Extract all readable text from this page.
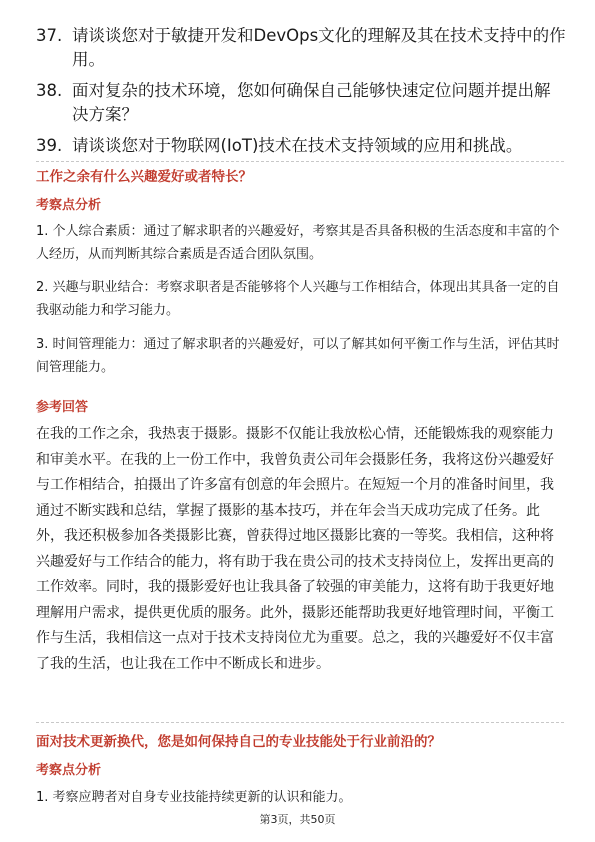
37. 请谈谈您对于敏捷开发和DevOps文化的理解及其在技术支持中的作用。
38. 面对复杂的技术环境，您如何确保自己能够快速定位问题并提出解决方案？
39. 请谈谈您对于物联网(IoT)技术在技术支持领域的应用和挑战。
工作之余有什么兴趣爱好或者特长？
考察点分析
1. 个人综合素质：通过了解求职者的兴趣爱好，考察其是否具备积极的生活态度和丰富的个人经历，从而判断其综合素质是否适合团队氛围。
2. 兴趣与职业结合：考察求职者是否能够将个人兴趣与工作相结合，体现出其具备一定的自我驱动能力和学习能力。
3. 时间管理能力：通过了解求职者的兴趣爱好，可以了解其如何平衡工作与生活，评估其时间管理能力。
参考回答
在我的工作之余，我热衷于摄影。摄影不仅能让我放松心情，还能锻炼我的观察能力和审美水平。在我的上一份工作中，我曾负责公司年会摄影任务，我将这份兴趣爱好与工作相结合，拍摄出了许多富有创意的年会照片。在短短一个月的准备时间里，我通过不断实践和总结，掌握了摄影的基本技巧，并在年会当天成功完成了任务。此外，我还积极参加各类摄影比赛，曾获得过地区摄影比赛的一等奖。我相信，这种将兴趣爱好与工作结合的能力，将有助于我在贵公司的技术支持岗位上，发挥出更高的工作效率。同时，我的摄影爱好也让我具备了较强的审美能力，这将有助于我更好地理解用户需求，提供更优质的服务。此外，摄影还能帮助我更好地管理时间，平衡工作与生活，我相信这一点对于技术支持岗位尤为重要。总之，我的兴趣爱好不仅丰富了我的生活，也让我在工作中不断成长和进步。
面对技术更新换代，您是如何保持自己的专业技能处于行业前沿的？
考察点分析
1. 考察应聘者对自身专业技能持续更新的认识和能力。
第3页，共50页
